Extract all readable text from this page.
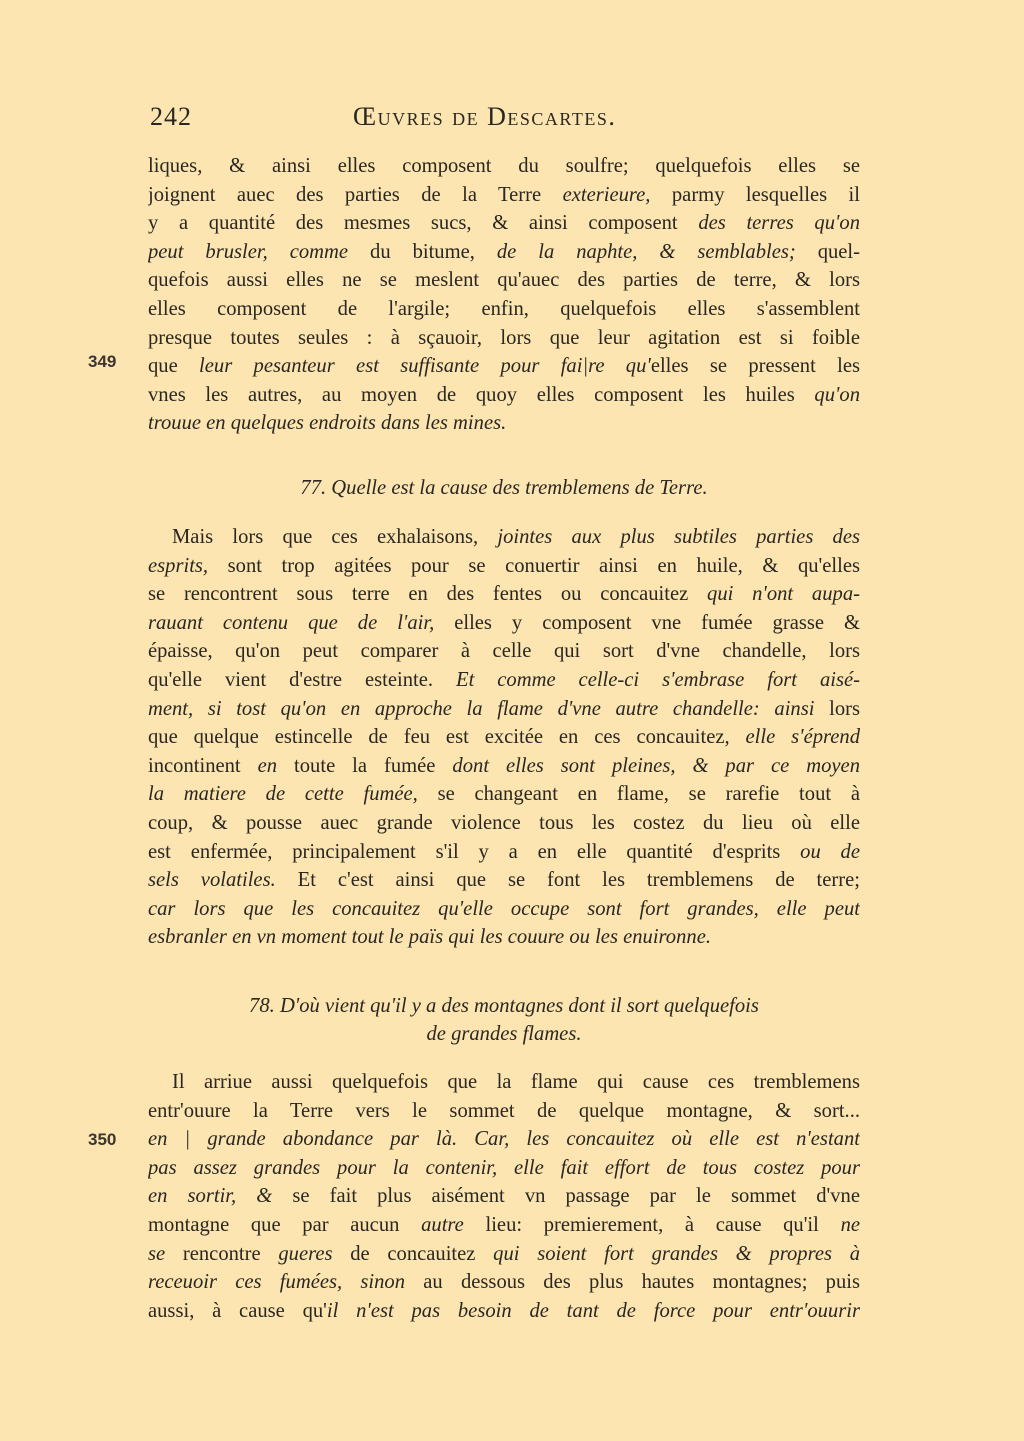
242	Œuvres de Descartes.
349
350
liques, & ainsi elles composent du soulfre; quelquefois elles se
joignent auec des parties de la Terre exterieure, parmy lesquelles il
y a quantité des mesmes sucs, & ainsi composent des terres qu'on
peut brusler, comme du bitume, de la naphte, & semblables; quel-
quefois aussi elles ne se meslent qu'auec des parties de terre, & lors
elles composent de l'argile; enfin, quelquefois elles s'assemblent
presque toutes seules : à sçauoir, lors que leur agitation est si foible
que leur pesanteur est suffisante pour fai|re qu'elles se pressent les
vnes les autres, au moyen de quoy elles composent les huiles qu'on
trouue en quelques endroits dans les mines.
77. Quelle est la cause des tremblemens de Terre.
Mais lors que ces exhalaisons, jointes aux plus subtiles parties des
esprits, sont trop agitées pour se conuertir ainsi en huile, & qu'elles
se rencontrent sous terre en des fentes ou concauitez qui n'ont aupa-
rauant contenu que de l'air, elles y composent vne fumée grasse &
épaisse, qu'on peut comparer à celle qui sort d'vne chandelle, lors
qu'elle vient d'estre esteinte. Et comme celle-ci s'embrase fort aisé-
ment, si tost qu'on en approche la flame d'vne autre chandelle: ainsi lors
que quelque estincelle de feu est excitée en ces concauitez, elle s'éprend
incontinent en toute la fumée dont elles sont pleines, & par ce moyen
la matiere de cette fumée, se changeant en flame, se rarefie tout à
coup, & pousse auec grande violence tous les costez du lieu où elle
est enfermée, principalement s'il y a en elle quantité d'esprits ou de
sels volatiles. Et c'est ainsi que se font les tremblemens de terre;
car lors que les concauitez qu'elle occupe sont fort grandes, elle peut
esbranler en vn moment tout le païs qui les couure ou les enuironne.
78. D'où vient qu'il y a des montagnes dont il sort quelquefois
de grandes flames.
Il arriue aussi quelquefois que la flame qui cause ces tremblemens
entr'ouure la Terre vers le sommet de quelque montagne, & sort...
en | grande abondance par là. Car, les concauitez où elle est n'estant
pas assez grandes pour la contenir, elle fait effort de tous costez pour
en sortir, & se fait plus aisément vn passage par le sommet d'vne
montagne que par aucun autre lieu: premierement, à cause qu'il ne
se rencontre gueres de concauitez qui soient fort grandes & propres à
receuoir ces fumées, sinon au dessous des plus hautes montagnes; puis
aussi, à cause qu'il n'est pas besoin de tant de force pour entr'ouurir
